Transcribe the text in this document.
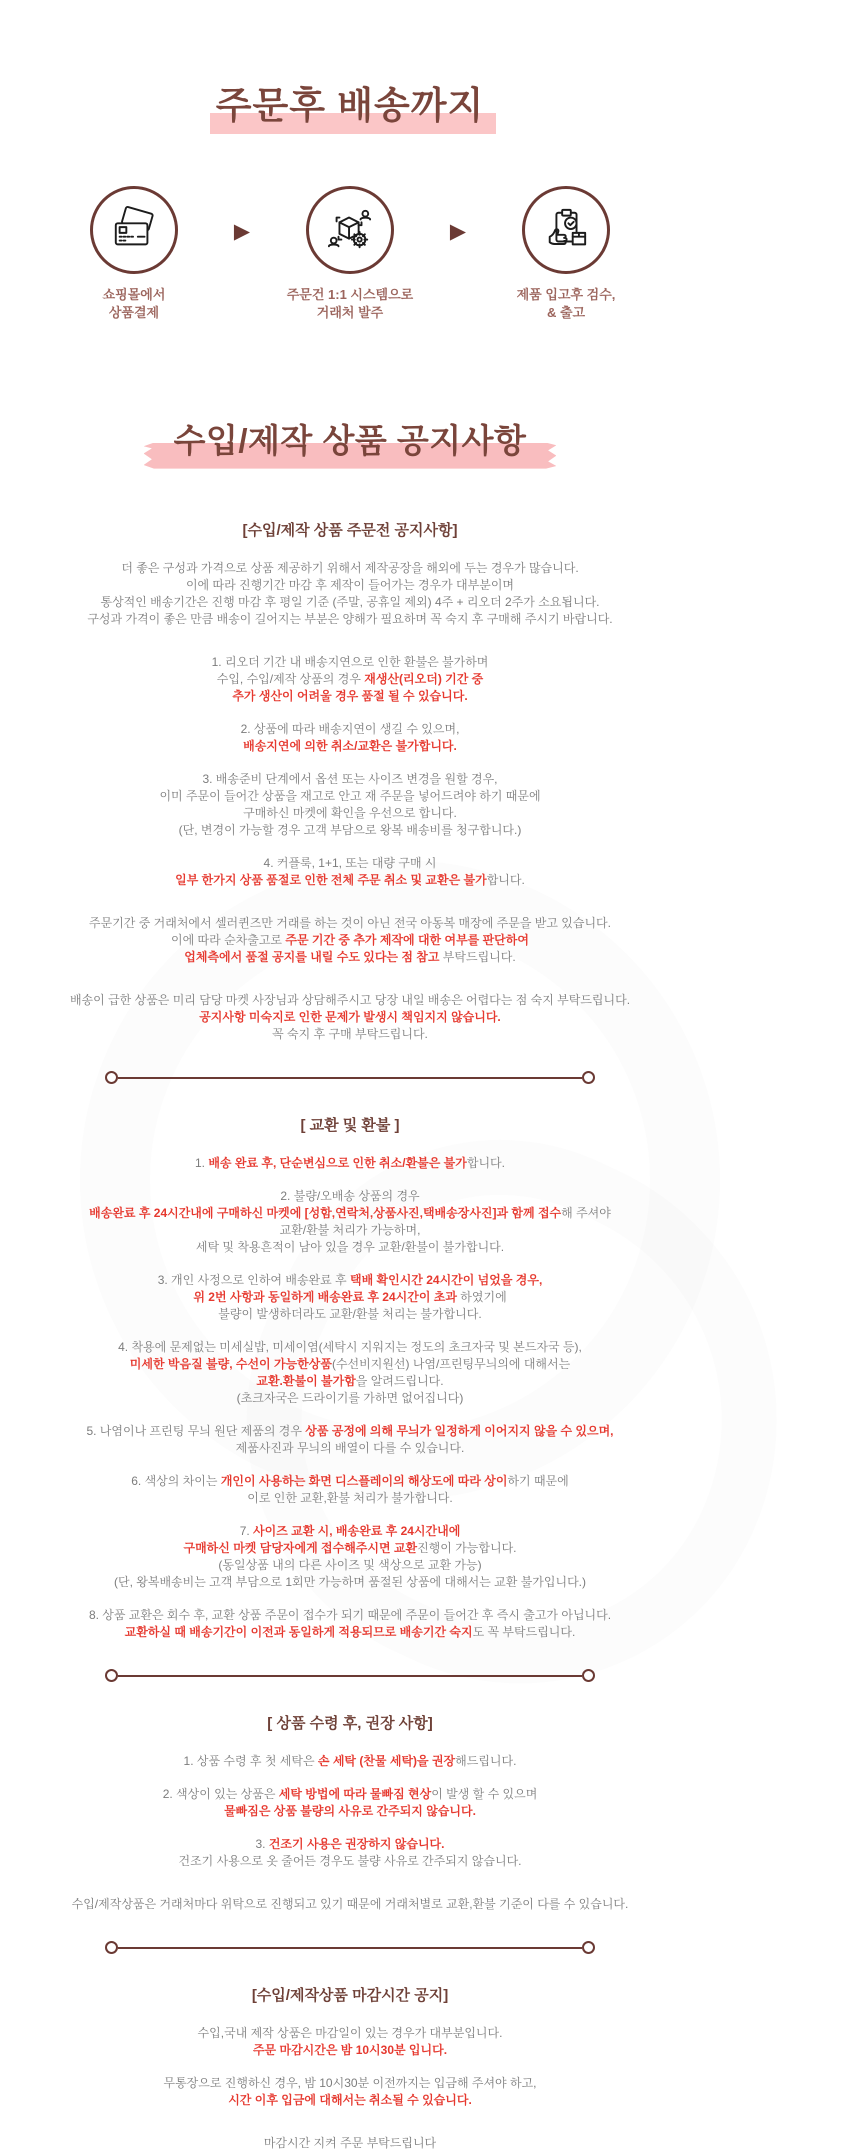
주문후 배송까지
쇼핑몰에서
상품결제
▶
주문건 1:1 시스템으로
거래처 발주
▶
제품 입고후 검수,
& 출고
수입/제작 상품 공지사항
[수입/제작 상품 주문전 공지사항]
더 좋은 구성과 가격으로 상품 제공하기 위해서 제작공장을 해외에 두는 경우가 많습니다.
이에 따라 진행기간 마감 후 제작이 들어가는 경우가 대부분이며
통상적인 배송기간은 진행 마감 후 평일 기준 (주말, 공휴일 제외) 4주 + 리오더 2주가 소요됩니다.
구성과 가격이 좋은 만큼 배송이 길어지는 부분은 양해가 필요하며 꼭 숙지 후 구매해 주시기 바랍니다.
1. 리오더 기간 내 배송지연으로 인한 환불은 불가하며
수입, 수입/제작 상품의 경우 재생산(리오더) 기간 중
추가 생산이 어려울 경우 품절 될 수 있습니다.
2. 상품에 따라 배송지연이 생길 수 있으며,
배송지연에 의한 취소/교환은 불가합니다.
3. 배송준비 단계에서 옵션 또는 사이즈 변경을 원할 경우,
이미 주문이 들어간 상품을 재고로 안고 재 주문을 넣어드려야 하기 때문에
구매하신 마켓에 확인을 우선으로 합니다.
(단, 변경이 가능할 경우 고객 부담으로 왕복 배송비를 청구합니다.)
4. 커플룩, 1+1, 또는 대량 구매 시
일부 한가지 상품 품절로 인한 전체 주문 취소 및 교환은 불가합니다.
주문기간 중 거래처에서 셀러퀸즈만 거래를 하는 것이 아닌 전국 아동복 매장에 주문을 받고 있습니다.
이에 따라 순차출고로 주문 기간 중 추가 제작에 대한 여부를 판단하여
업체측에서 품절 공지를 내릴 수도 있다는 점 참고 부탁드립니다.
배송이 급한 상품은 미리 담당 마켓 사장님과 상담해주시고 당장 내일 배송은 어렵다는 점 숙지 부탁드립니다.
공지사항 미숙지로 인한 문제가 발생시 책임지지 않습니다.
꼭 숙지 후 구매 부탁드립니다.
[ 교환 및 환불 ]
1. 배송 완료 후, 단순변심으로 인한 취소/환불은 불가합니다.
2. 불량/오배송 상품의 경우
배송완료 후 24시간내에 구매하신 마켓에 [성함,연락처,상품사진,택배송장사진]과 함께 접수해 주셔야
교환/환불 처리가 가능하며,
세탁 및 착용흔적이 남아 있을 경우 교환/환불이 불가합니다.
3. 개인 사정으로 인하여 배송완료 후 택배 확인시간 24시간이 넘었을 경우,
위 2번 사항과 동일하게 배송완료 후 24시간이 초과 하였기에
불량이 발생하더라도 교환/환불 처리는 불가합니다.
4. 착용에 문제없는 미세실밥, 미세이염(세탁시 지워지는 정도의 초크자국 및 본드자국 등),
미세한 박음질 불량, 수선이 가능한상품(수선비지원선) 나염/프린팅무늬의에 대해서는
교환.환불이 불가함을 알려드립니다.
(초크자국은 드라이기를 가하면 없어집니다)
5. 나염이나 프린팅 무늬 원단 제품의 경우 상품 공정에 의해 무늬가 일정하게 이어지지 않을 수 있으며,
제품사진과 무늬의 배열이 다를 수 있습니다.
6. 색상의 차이는 개인이 사용하는 화면 디스플레이의 해상도에 따라 상이하기 때문에
이로 인한 교환,환불 처리가 불가합니다.
7. 사이즈 교환 시, 배송완료 후 24시간내에
구매하신 마켓 담당자에게 접수해주시면 교환진행이 가능합니다.
(동일상품 내의 다른 사이즈 및 색상으로 교환 가능)
(단, 왕복배송비는 고객 부담으로 1회만 가능하며 품절된 상품에 대해서는 교환 불가입니다.)
8. 상품 교환은 회수 후, 교환 상품 주문이 접수가 되기 때문에 주문이 들어간 후 즉시 출고가 아닙니다.
교환하실 때 배송기간이 이전과 동일하게 적용되므로 배송기간 숙지도 꼭 부탁드립니다.
[ 상품 수령 후, 권장 사항]
1. 상품 수령 후 첫 세탁은 손 세탁 (찬물 세탁)을 권장해드립니다.
2. 색상이 있는 상품은 세탁 방법에 따라 물빠짐 현상이 발생 할 수 있으며
물빠짐은 상품 불량의 사유로 간주되지 않습니다.
3. 건조기 사용은 권장하지 않습니다.
건조기 사용으로 옷 줄어든 경우도 불량 사유로 간주되지 않습니다.
수입/제작상품은 거래처마다 위탁으로 진행되고 있기 때문에 거래처별로 교환,환불 기준이 다를 수 있습니다.
[수입/제작상품 마감시간 공지]
수입,국내 제작 상품은 마감일이 있는 경우가 대부분입니다.
주문 마감시간은 밤 10시30분 입니다.
무통장으로 진행하신 경우, 밤 10시30분 이전까지는 입금해 주셔야 하고,
시간 이후 입금에 대해서는 취소될 수 있습니다.
마감시간 지켜 주문 부탁드립니다
